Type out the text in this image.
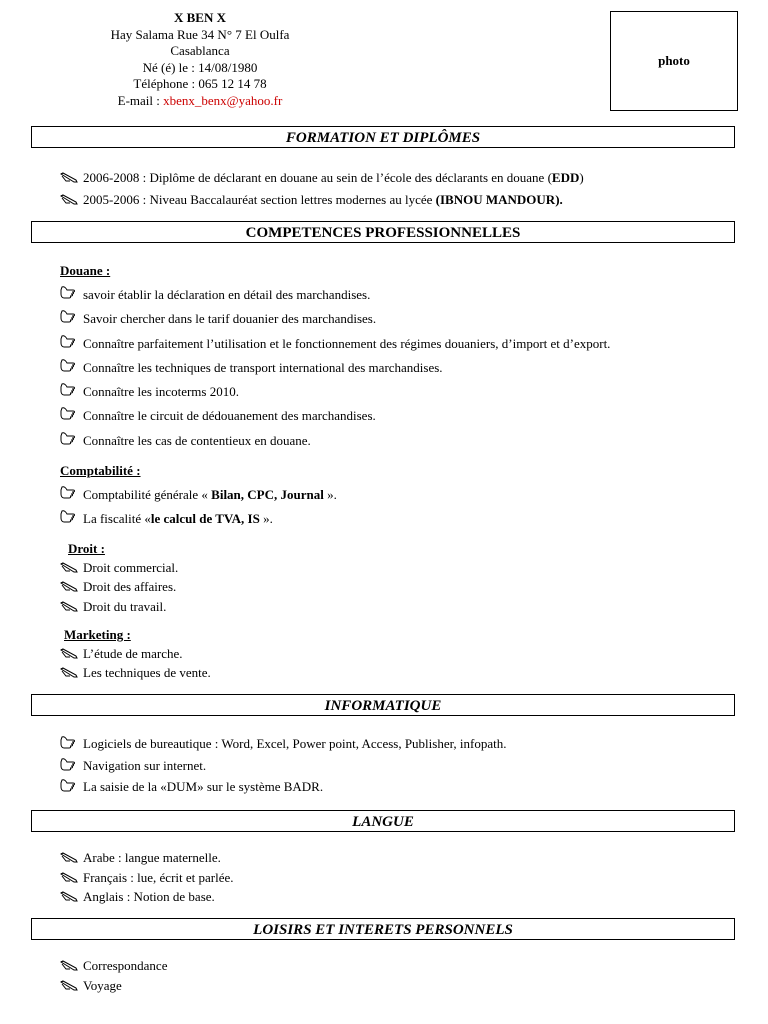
X BEN X
Hay Salama Rue 34 N° 7 El Oulfa
Casablanca
Né (é) le : 14/08/1980
Téléphone : 065 12 14 78
E-mail : xbenx_benx@yahoo.fr
photo
FORMATION ET DIPLÔMES
2006-2008 : Diplôme de déclarant en douane au sein de l’école des déclarants en douane (EDD)
2005-2006 : Niveau Baccalauréat section lettres modernes au lycée (IBNOU MANDOUR).
COMPETENCES PROFESSIONNELLES
Douane :
savoir établir la déclaration en détail des marchandises.
Savoir chercher dans le tarif douanier des marchandises.
Connaître parfaitement l’utilisation et le fonctionnement des régimes douaniers, d’import et d’export.
Connaître les techniques de transport international des marchandises.
Connaître les incoterms 2010.
Connaître le circuit de dédouanement des marchandises.
Connaître les cas de contentieux en douane.
Comptabilité :
Comptabilité générale « Bilan, CPC, Journal ».
La fiscalité «le calcul de TVA, IS ».
Droit :
Droit commercial.
Droit des affaires.
Droit du travail.
Marketing :
L’étude de marche.
Les techniques de vente.
INFORMATIQUE
Logiciels de bureautique : Word, Excel, Power point, Access, Publisher, infopath.
Navigation sur internet.
La saisie de la «DUM» sur le système BADR.
LANGUE
Arabe : langue maternelle.
Français : lue, écrit et parlée.
Anglais : Notion de base.
LOISIRS ET INTERETS PERSONNELS
Correspondance
Voyage
